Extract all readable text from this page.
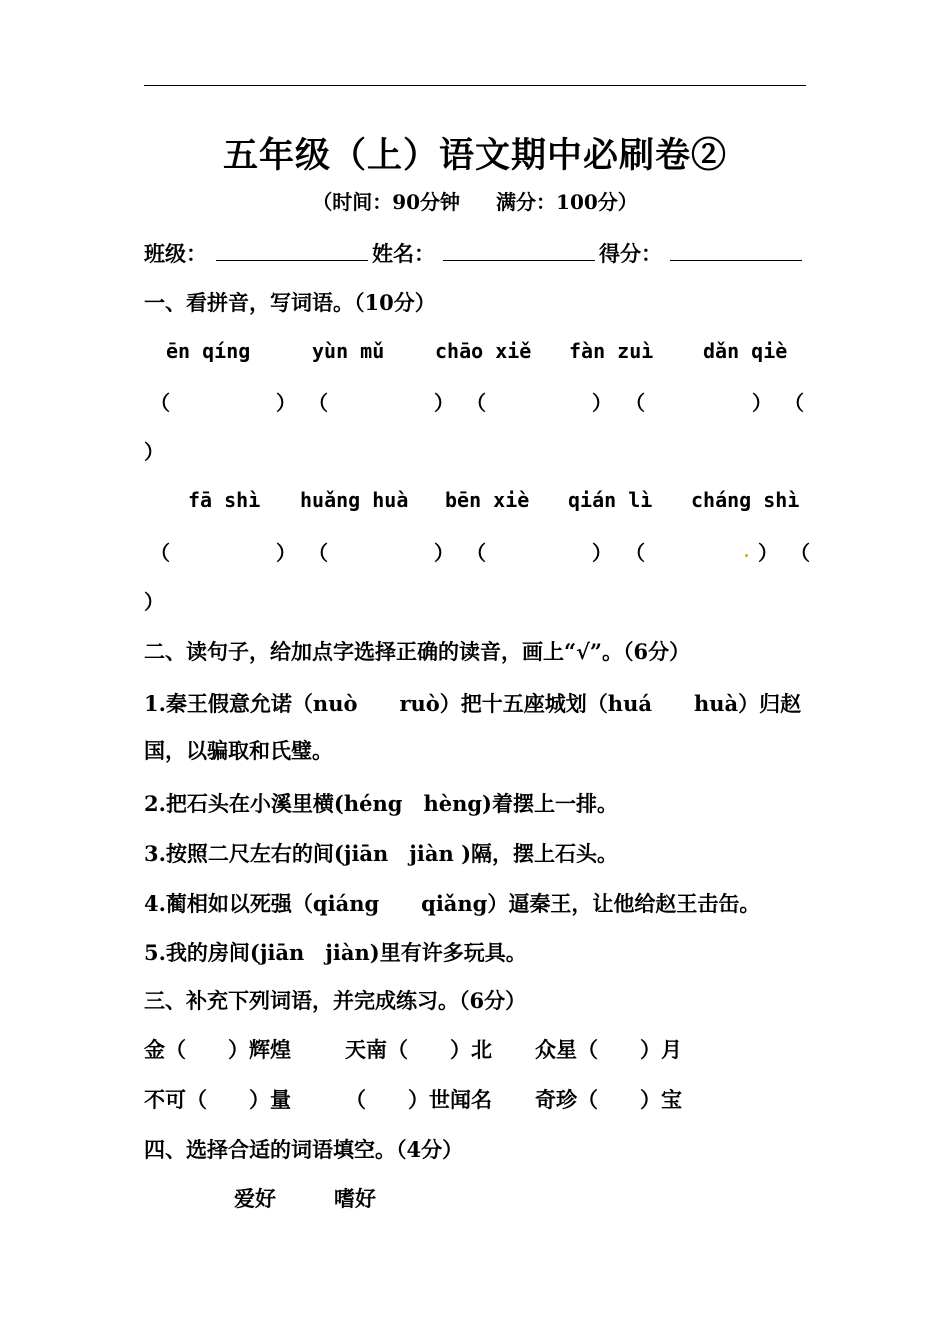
五年级（上）语文期中必刷卷②
（时间：90分钟 满分：100分）
班级：	姓名：	得分：
一、看拼音，写词语。（10分）
ēn qíng	yùn mǔ	chāo xiě fàn zuì dǎn qiè
（	） （	） （	） （	） （
）
fā shì huǎng huà bēn xiè qián lì cháng shì
（	） （	） （	） （	） （
）
二、读句子，给加点字选择正确的读音，画上“√”。（6分）
1.秦王假意允诺（nuò　　ruò）把十五座城划（huá　　huà）归赵
国，以骗取和氏璧。
2.把石头在小溪里横(héng　hèng)着摆上一排。
3.按照二尺左右的间(jiān　jiàn )隔，摆上石头。
4.蔺相如以死强（qiáng　　qiǎng）逼秦王，让他给赵王击缶。
5.我的房间(jiān　jiàn)里有许多玩具。
三、补充下列词语，并完成练习。（6分）
金（　　）辉煌	天南（　　）北 众星（　　）月
不可（　　）量	（　　）世闻名 奇珍（　　）宝
四、选择合适的词语填空。（4分）
爱好	嗜好
